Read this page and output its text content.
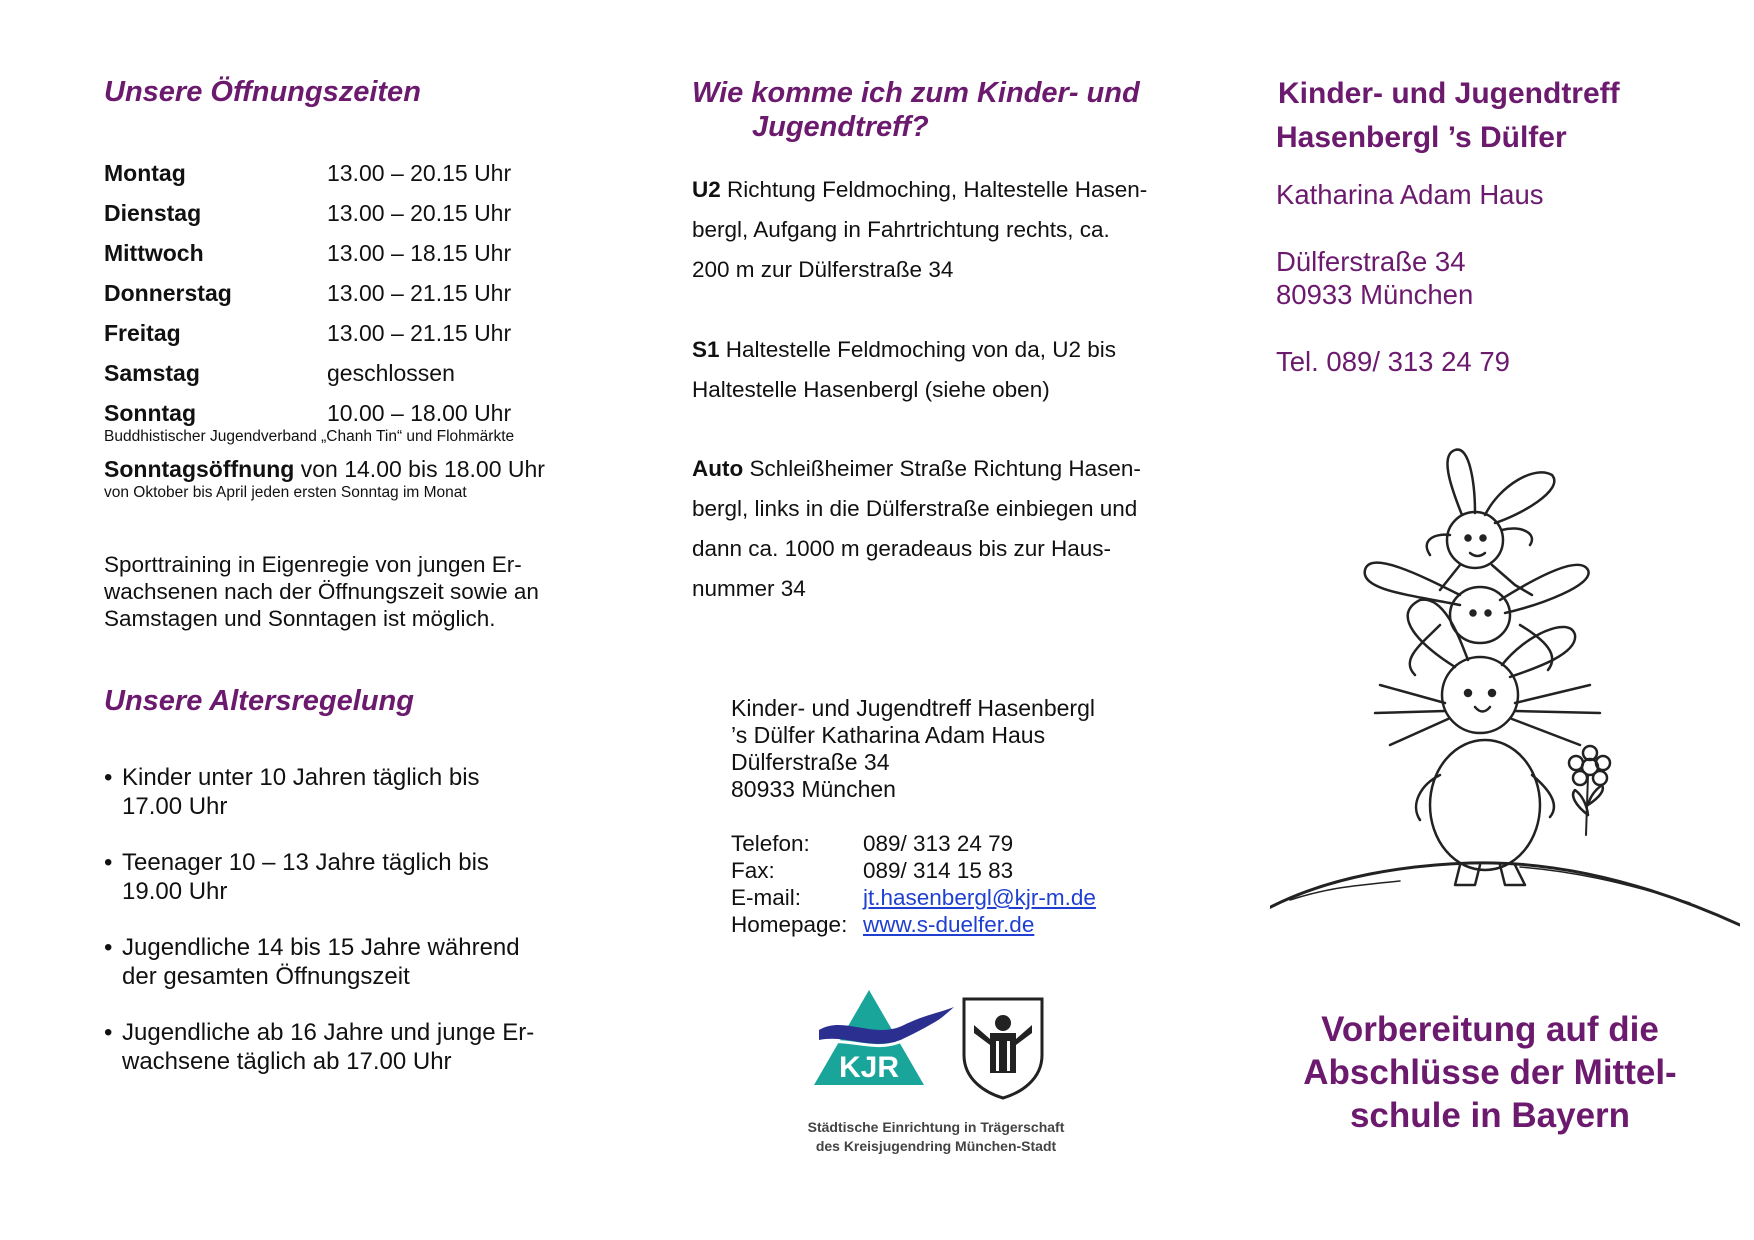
Unsere Öffnungszeiten
Montag	13.00 – 20.15 Uhr
Dienstag	13.00 – 20.15 Uhr
Mittwoch	13.00 – 18.15 Uhr
Donnerstag	13.00 – 21.15 Uhr
Freitag	13.00 – 21.15 Uhr
Samstag	geschlossen
Sonntag	10.00 – 18.00 Uhr
Buddhistischer Jugendverband „Chanh Tin“ und Flohmärkte
Sonntagsöffnung von 14.00 bis 18.00 Uhr
von Oktober bis April jeden ersten Sonntag im Monat
Sporttraining in Eigenregie von jungen Er-
wachsenen nach der Öffnungszeit sowie an
Samstagen und Sonntagen ist möglich.
Unsere Altersregelung
• Kinder unter 10 Jahren täglich bis
17.00 Uhr
• Teenager 10 – 13 Jahre täglich bis
19.00 Uhr
• Jugendliche 14 bis 15 Jahre während
der gesamten Öffnungszeit
• Jugendliche ab 16 Jahre und junge Er-
wachsene täglich ab 17.00 Uhr
Wie komme ich zum Kinder- und
Jugendtreff?
U2 Richtung Feldmoching, Haltestelle Hasen-
bergl, Aufgang in Fahrtrichtung rechts, ca.
200 m zur Dülferstraße 34
S1 Haltestelle Feldmoching von da, U2 bis
Haltestelle Hasenbergl (siehe oben)
Auto Schleißheimer Straße Richtung Hasen-
bergl, links in die Dülferstraße einbiegen und
dann ca. 1000 m geradeaus bis zur Haus-
nummer 34
Kinder- und Jugendtreff Hasenbergl
’s Dülfer Katharina Adam Haus
Dülferstraße 34
80933 München
Telefon: 089/ 313 24 79
Fax:	089/ 314 15 83
E-mail:	jt.hasenbergl@kjr-m.de
Homepage: www.s-duelfer.de
KJR
Städtische Einrichtung in Trägerschaft
des Kreisjugendring München-Stadt
Kinder- und Jugendtreff
Hasenbergl ’s Dülfer
Katharina Adam Haus
Dülferstraße 34
80933 München
Tel. 089/ 313 24 79
Vorbereitung auf die
Abschlüsse der Mittel-
schule in Bayern
